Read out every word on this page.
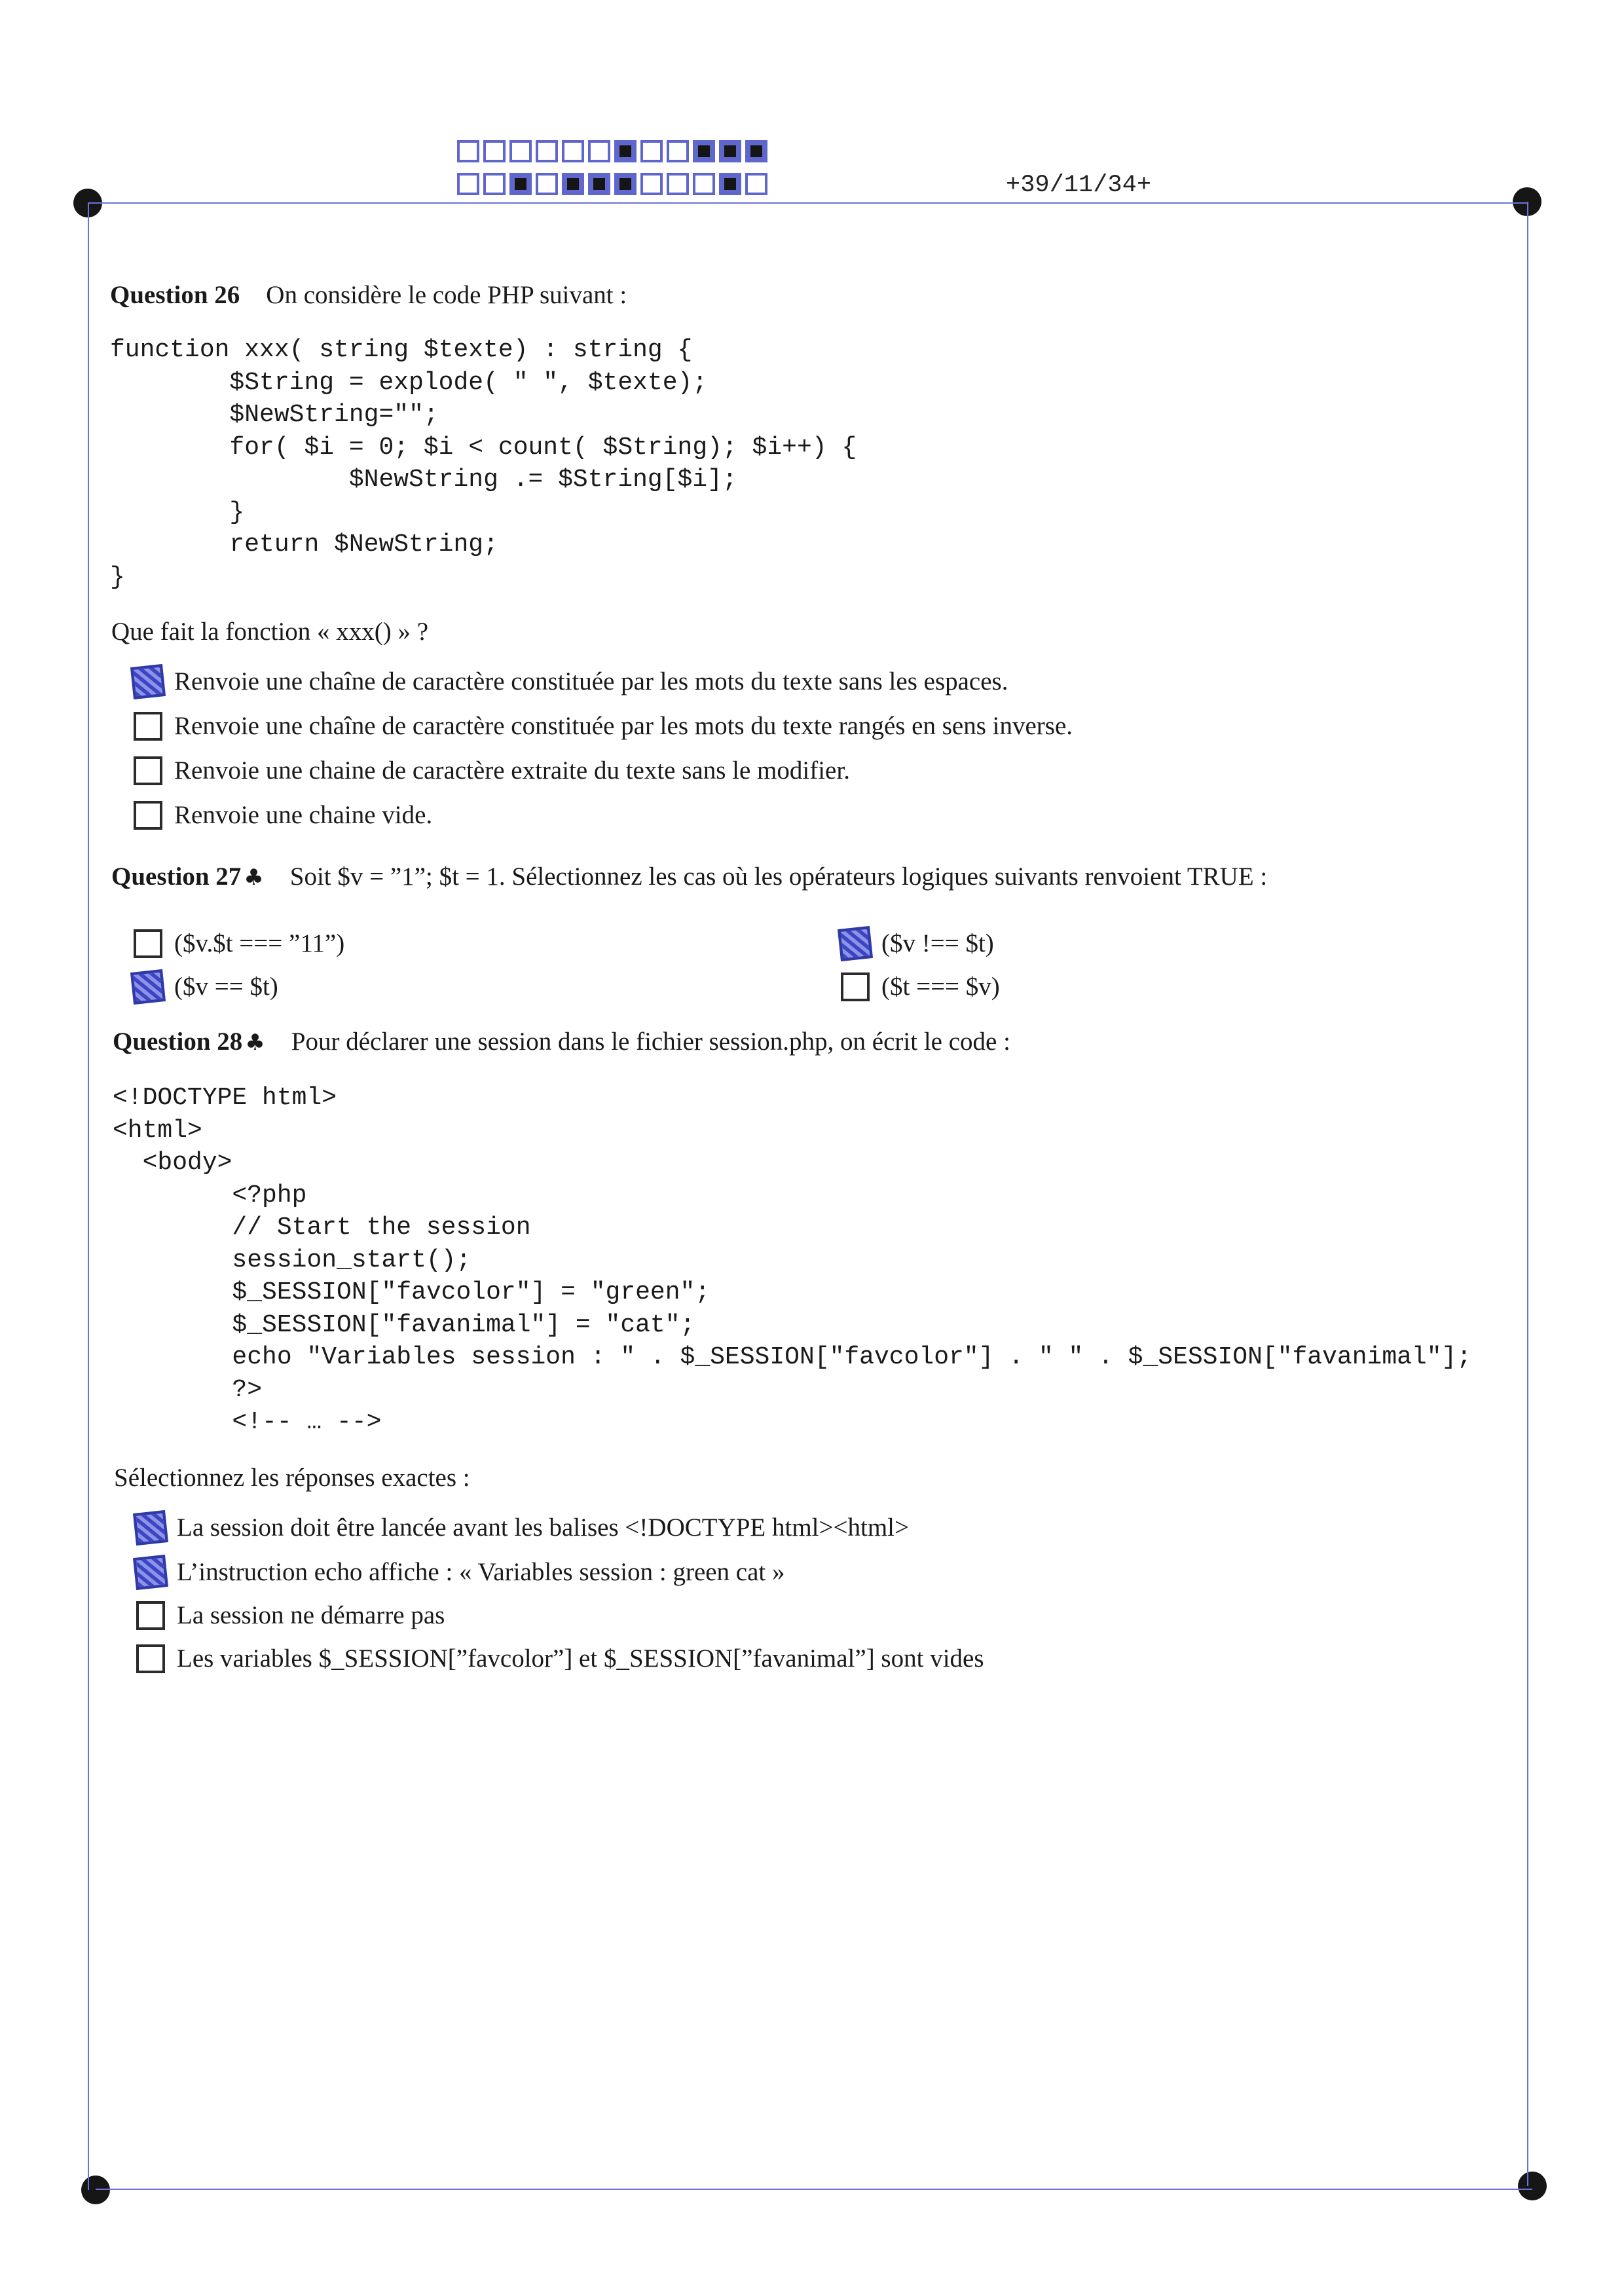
+39/11/34+
Question 26 On considère le code PHP suivant :
function xxx( string $texte) : string {
$String = explode( " ", $texte);
$NewString="";
for( $i = 0; $i < count( $String); $i++) {
$NewString .= $String[$i];
}
return $NewString;
}
Que fait la fonction « xxx() » ?
Renvoie une chaîne de caractère constituée par les mots du texte sans les espaces.
Renvoie une chaîne de caractère constituée par les mots du texte rangés en sens inverse.
Renvoie une chaine de caractère extraite du texte sans le modifier.
Renvoie une chaine vide.
Question 27 ♣ Soit $v = ”1”; $t = 1. Sélectionnez les cas où les opérateurs logiques suivants renvoient TRUE :
($v.$t === ”11”)	($v !== $t)
($v == $t)	($t === $v)
Question 28 ♣ Pour déclarer une session dans le fichier session.php, on écrit le code :
<!DOCTYPE html>
<html>
<body>
<?php
// Start the session
session_start();
$_SESSION["favcolor"] = "green";
$_SESSION["favanimal"] = "cat";
echo "Variables session : " . $_SESSION["favcolor"] . " " . $_SESSION["favanimal"];
?>
<!-- … -->
Sélectionnez les réponses exactes :
La session doit être lancée avant les balises <!DOCTYPE html><html>
L’instruction echo affiche : « Variables session : green cat »
La session ne démarre pas
Les variables $_SESSION[”favcolor”] et $_SESSION[”favanimal”] sont vides
